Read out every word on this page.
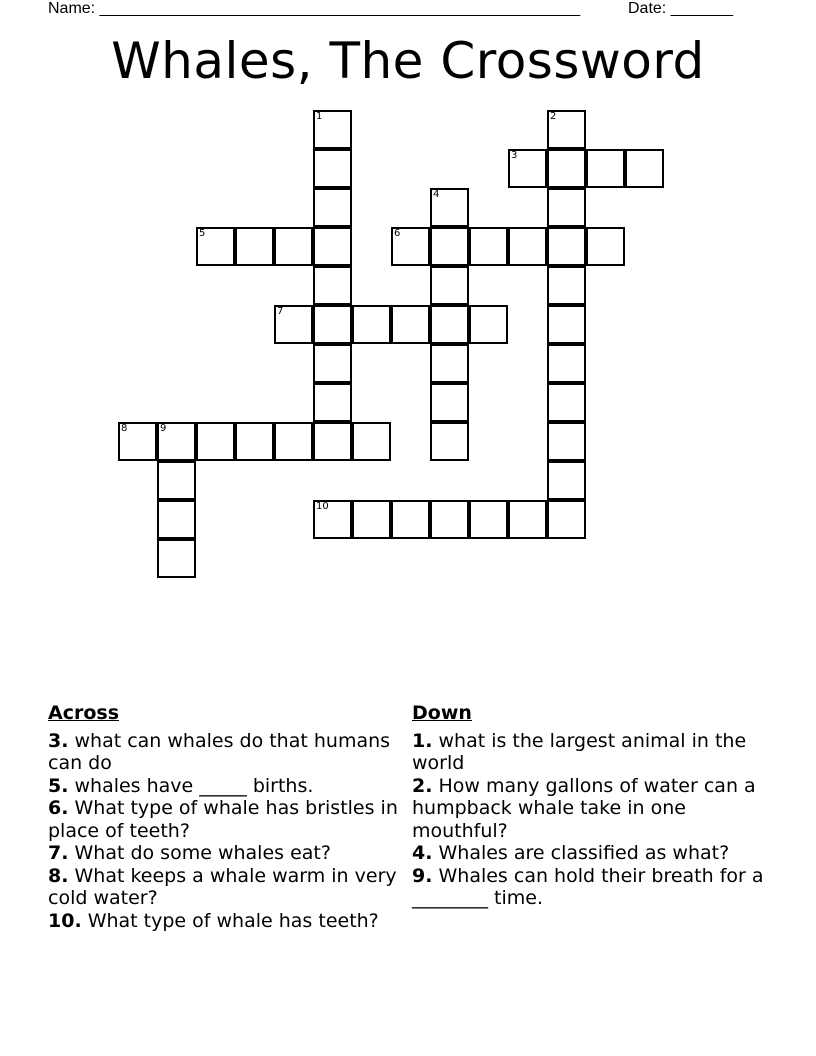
Name: ______________________________________________________	Date: _______
Whales, The Crossword
1	2
3
4
5	6
7
8	9
10
Across
3. what can whales do that humans can do
5. whales have _____ births.
6. What type of whale has bristles in place of teeth?
7. What do some whales eat?
8. What keeps a whale warm in very cold water?
10. What type of whale has teeth?
Down
1. what is the largest animal in the world
2. How many gallons of water can a humpback whale take in one mouthful?
4. Whales are classified as what?
9. Whales can hold their breath for a ________ time.
